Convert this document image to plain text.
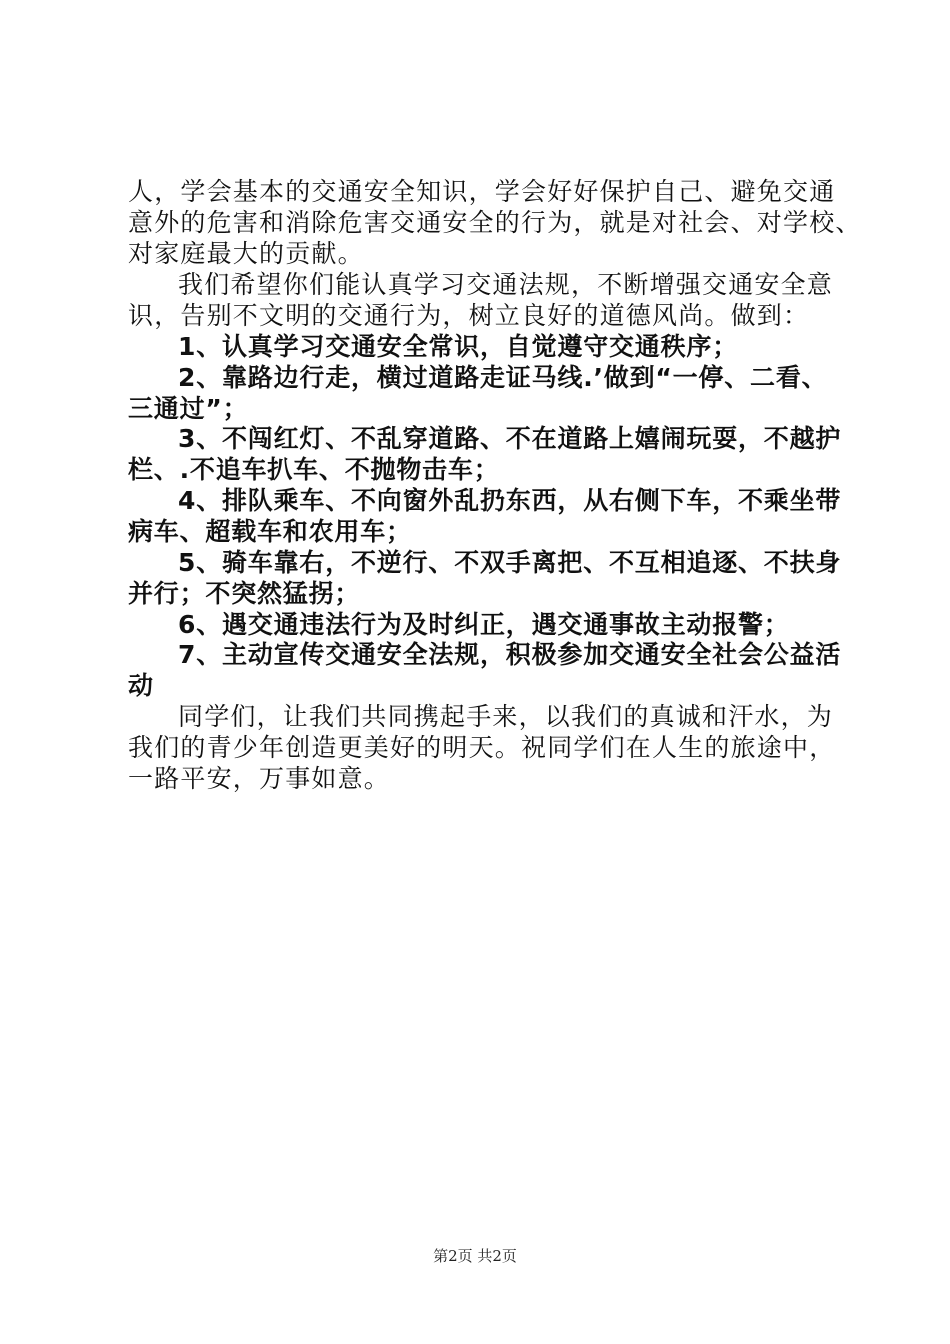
人，学会基本的交通安全知识，学会好好保护自己、避免交通
意外的危害和消除危害交通安全的行为，就是对社会、对学校、
对家庭最大的贡献。
我们希望你们能认真学习交通法规，不断增强交通安全意
识，告别不文明的交通行为，树立良好的道德风尚。做到：
1、认真学习交通安全常识，自觉遵守交通秩序；
2、靠路边行走，横过道路走证马线.’做到“一停、二看、
三通过”；
3、不闯红灯、不乱穿道路、不在道路上嬉闹玩耍，不越护
栏、.不追车扒车、不抛物击车；
4、排队乘车、不向窗外乱扔东西，从右侧下车，不乘坐带
病车、超载车和农用车；
5、骑车靠右，不逆行、不双手离把、不互相追逐、不扶身
并行；不突然猛拐；
6、遇交通违法行为及时纠正，遇交通事故主动报警；
7、主动宣传交通安全法规，积极参加交通安全社会公益活
动
同学们，让我们共同携起手来，以我们的真诚和汗水，为
我们的青少年创造更美好的明天。祝同学们在人生的旅途中，
一路平安，万事如意。
第2页 共2页
